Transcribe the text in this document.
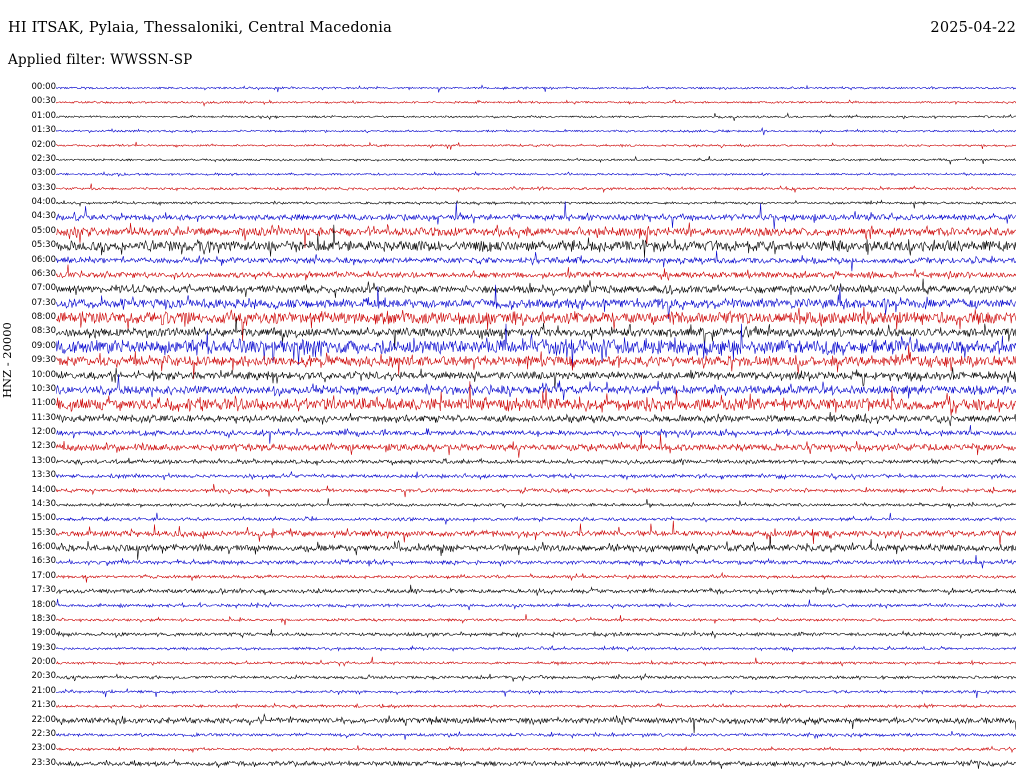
HI ITSAK, Pylaia, Thessaloniki, Central Macedonia	2025-04-22
Applied filter: WWSSN-SP
HNZ - 20000
00:00
00:30
01:00
01:30
02:00
02:30
03:00
03:30
04:00
04:30
05:00
05:30
06:00
06:30
07:00
07:30
08:00
08:30
09:00
09:30
10:00
10:30
11:00
11:30
12:00
12:30
13:00
13:30
14:00
14:30
15:00
15:30
16:00
16:30
17:00
17:30
18:00
18:30
19:00
19:30
20:00
20:30
21:00
21:30
22:00
22:30
23:00
23:30
